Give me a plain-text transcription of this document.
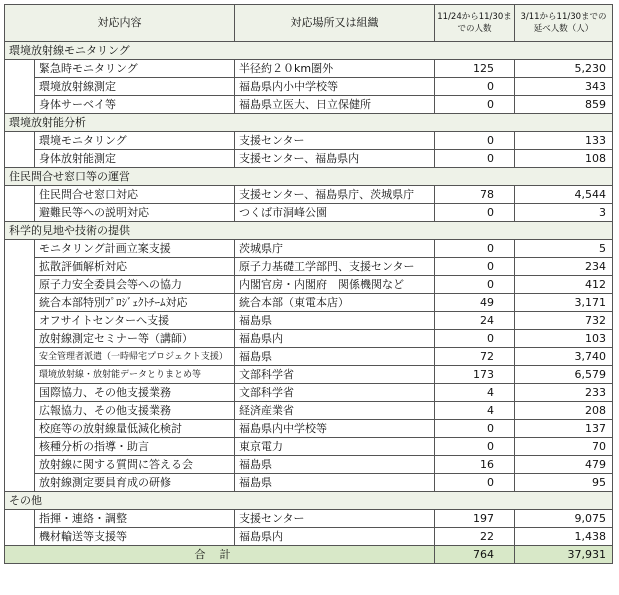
対応内容		対応場所又は組織	11/24から11/30までの人数	3/11から11/30までの延べ人数（人）
環境放射線モニタリング				
	緊急時モニタリング	半径約２０km圏外	125	5,230
	環境放射線測定	福島県内小中学校等	0	343
	身体サーベイ等	福島県立医大、日立保健所	0	859
環境放射能分析				
	環境モニタリング	支援センター	0	133
	身体放射能測定	支援センター、福島県内	0	108
住民問合せ窓口等の運営				
	住民問合せ窓口対応	支援センター、福島県庁、茨城県庁	78	4,544
	避難民等への説明対応	つくば市洞峰公園	0	3
科学的見地や技術の提供				
	モニタリング計画立案支援	茨城県庁	0	5
	拡散評価解析対応	原子力基礎工学部門、支援センター	0	234
	原子力安全委員会等への協力	内閣官房・内閣府　関係機関など	0	412
	統合本部特別ﾌﾟﾛｼﾞｪｸﾄﾁｰﾑ対応	統合本部（東電本店）	49	3,171
	オフサイトセンターへ支援	福島県	24	732
	放射線測定セミナー等（講師）	福島県内	0	103
	安全管理者派遣（一時帰宅プロジェクト支援）	福島県	72	3,740
	環境放射線・放射能データとりまとめ等	文部科学省	173	6,579
	国際協力、その他支援業務	文部科学省	4	233
	広報協力、その他支援業務	経済産業省	4	208
	校庭等の放射線量低減化検討	福島県内中学校等	0	137
	核種分析の指導・助言	東京電力	0	70
	放射線に関する質問に答える会	福島県	16	479
	放射線測定要員育成の研修	福島県	0	95
その他				
	指揮・連絡・調整	支援センター	197	9,075
	機材輸送等支援等	福島県内	22	1,438
合計			764	37,931
